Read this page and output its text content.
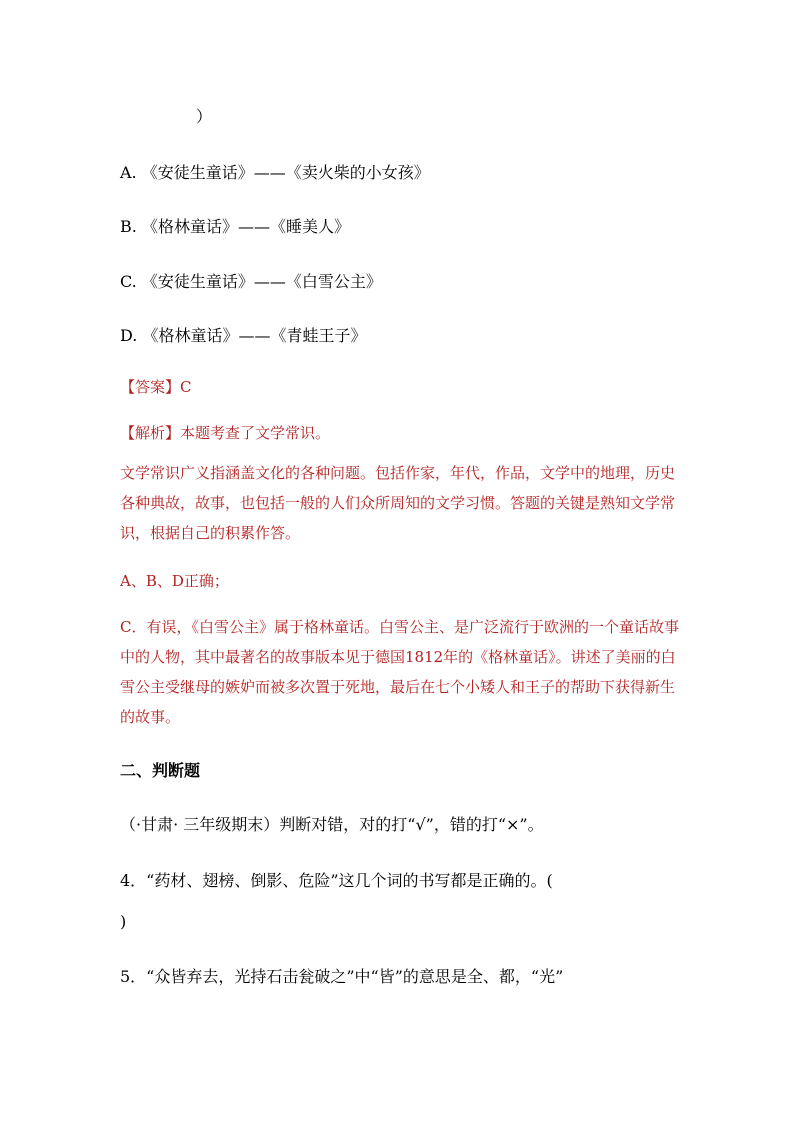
）
A. 《安徒生童话》——《卖火柴的小女孩》
B. 《格林童话》——《睡美人》
C. 《安徒生童话》——《白雪公主》
D. 《格林童话》——《青蛙王子》
【答案】C
【解析】本题考查了文学常识。
文学常识广义指涵盖文化的各种问题。包括作家，年代，作品，文学中的地理，历史各种典故，故事，也包括一般的人们众所周知的文学习惯。答题的关键是熟知文学常识，根据自己的积累作答。
A、B、D正确；
C．有误，《白雪公主》属于格林童话。白雪公主、是广泛流行于欧洲的一个童话故事中的人物，其中最著名的故事版本见于德国1812年的《格林童话》。讲述了美丽的白雪公主受继母的嫉妒而被多次置于死地，最后在七个小矮人和王子的帮助下获得新生的故事。
二、判断题
（·甘肃· 三年级期末）判断对错，对的打“√”，错的打“×”。
4．“药材、翅榜、倒影、危险”这几个词的书写都是正确的。(
)
5．“众皆弃去，光持石击瓮破之”中“皆”的意思是全、都，“光”
